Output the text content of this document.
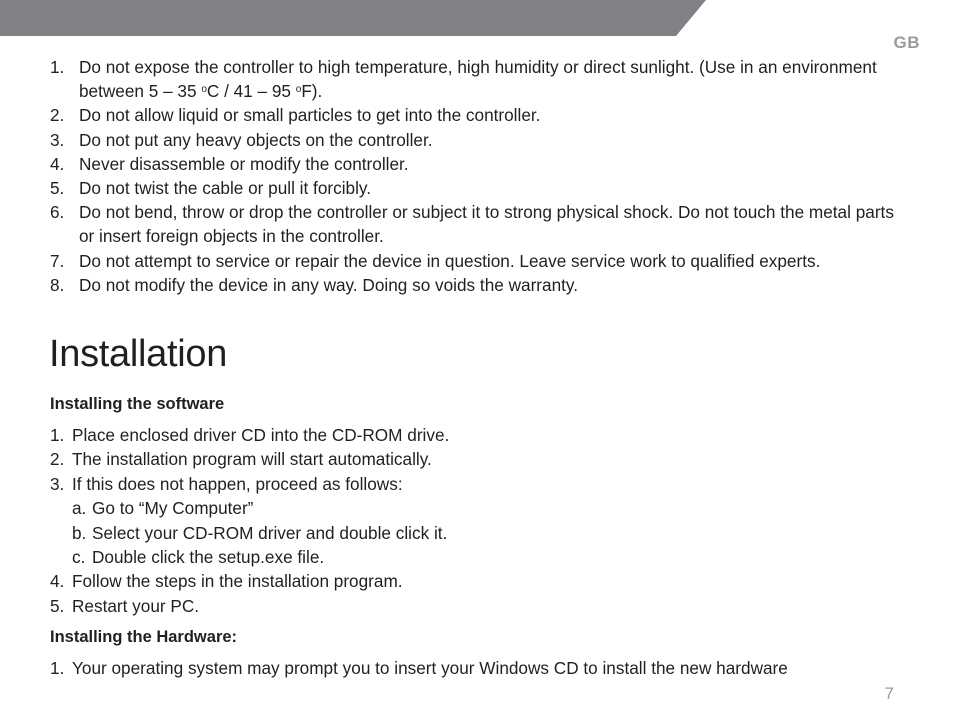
GB
1. Do not expose the controller to high temperature, high humidity or direct sunlight. (Use in an environment between 5 – 35 $^o$C / 41 – 95 $^o$F).
2. Do not allow liquid or small particles to get into the controller.
3. Do not put any heavy objects on the controller.
4. Never disassemble or modify the controller.
5. Do not twist the cable or pull it forcibly.
6. Do not bend, throw or drop the controller or subject it to strong physical shock. Do not touch the metal parts or insert foreign objects in the controller.
7. Do not attempt to service or repair the device in question. Leave service work to qualified experts.
8. Do not modify the device in any way. Doing so voids the warranty.
Installation
Installing the software
1. Place enclosed driver CD into the CD-ROM drive.
2. The installation program will start automatically.
3. If this does not happen, proceed as follows:
a. Go to “My Computer”
b. Select your CD-ROM driver and double click it.
c. Double click the setup.exe file.
4. Follow the steps in the installation program.
5. Restart your PC.
Installing the Hardware:
1. Your operating system may prompt you to insert your Windows CD to install the new hardware
7
